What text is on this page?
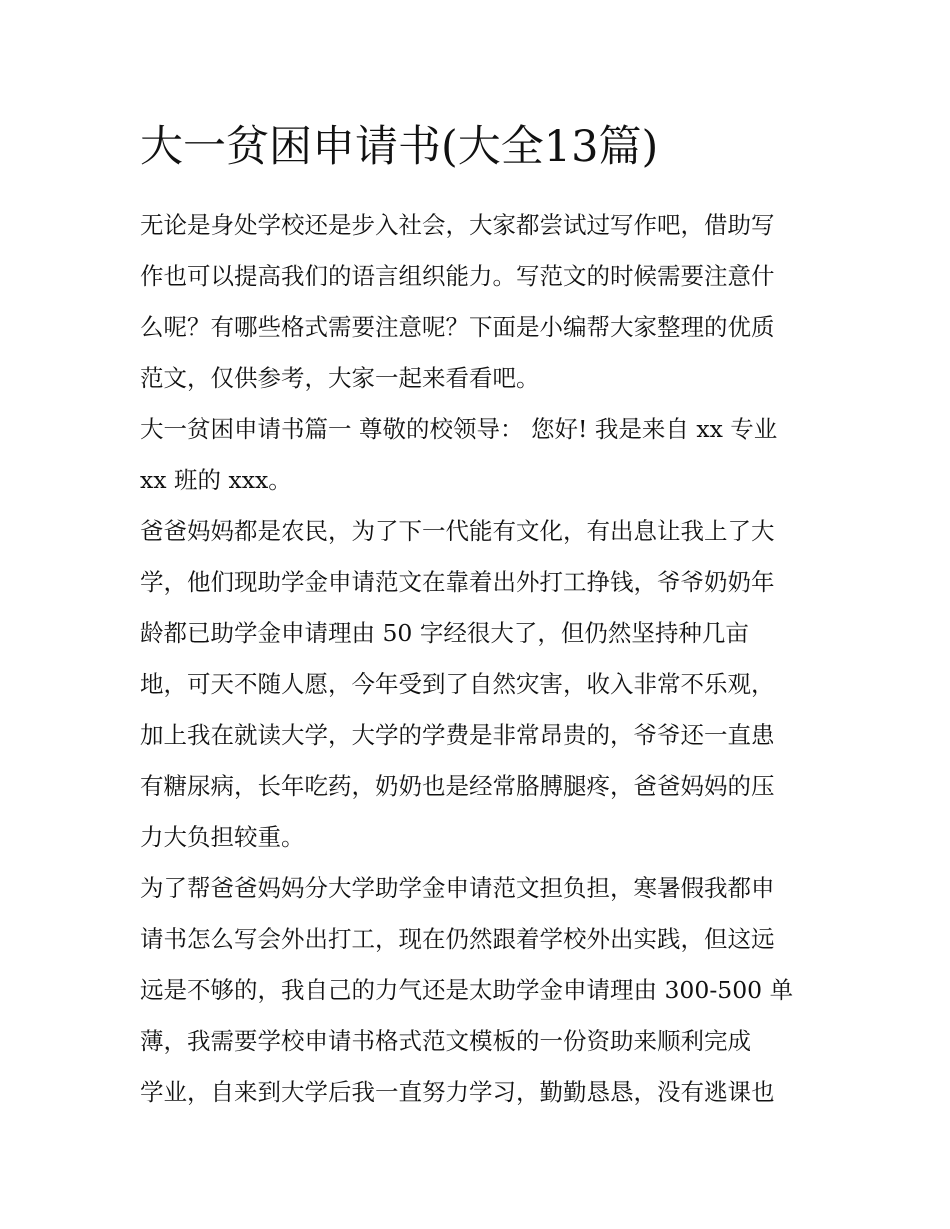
大一贫困申请书(大全13篇)
无论是身处学校还是步入社会，大家都尝试过写作吧，借助写
作也可以提高我们的语言组织能力。写范文的时候需要注意什
么呢？有哪些格式需要注意呢？下面是小编帮大家整理的优质
范文，仅供参考，大家一起来看看吧。
大一贫困申请书篇一 尊敬的校领导： 您好! 我是来自 xx 专业
xx 班的 xxx。
爸爸妈妈都是农民，为了下一代能有文化，有出息让我上了大
学，他们现助学金申请范文在靠着出外打工挣钱，爷爷奶奶年
龄都已助学金申请理由 50 字经很大了，但仍然坚持种几亩
地，可天不随人愿，今年受到了自然灾害，收入非常不乐观，
加上我在就读大学，大学的学费是非常昂贵的，爷爷还一直患
有糖尿病，长年吃药，奶奶也是经常胳膊腿疼，爸爸妈妈的压
力大负担较重。
为了帮爸爸妈妈分大学助学金申请范文担负担，寒暑假我都申
请书怎么写会外出打工，现在仍然跟着学校外出实践，但这远
远是不够的，我自己的力气还是太助学金申请理由 300-500 单
薄，我需要学校申请书格式范文模板的一份资助来顺利完成
学业，自来到大学后我一直努力学习，勤勤恳恳，没有逃课也
